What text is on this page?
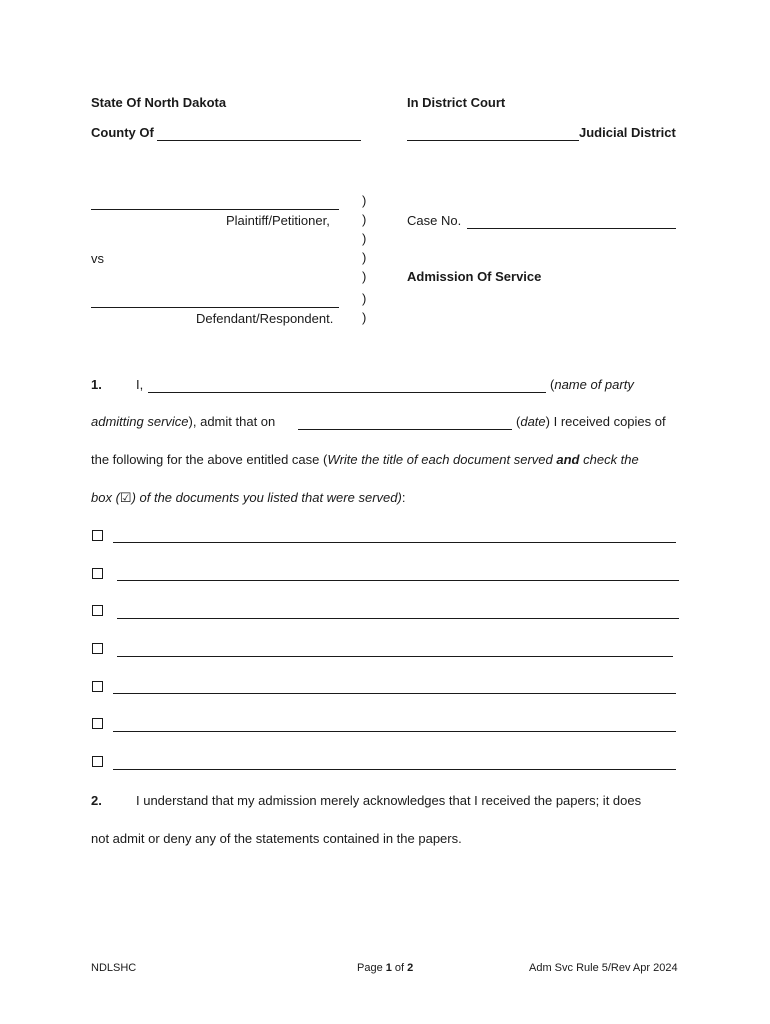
State Of North Dakota	In District Court
County Of	Judicial District
Plaintiff/Petitioner,
vs
Defendant/Respondent.
)
)
)
)
)
)
)
Case No.
Admission Of Service
1.	I,	(name of party
admitting service), admit that on	(date) I received copies of
the following for the above entitled case (Write the title of each document served and check the
box (☑) of the documents you listed that were served):
2.	I understand that my admission merely acknowledges that I received the papers; it does
not admit or deny any of the statements contained in the papers.
NDLSHC	Page 1 of 2	Adm Svc Rule 5/Rev Apr 2024
